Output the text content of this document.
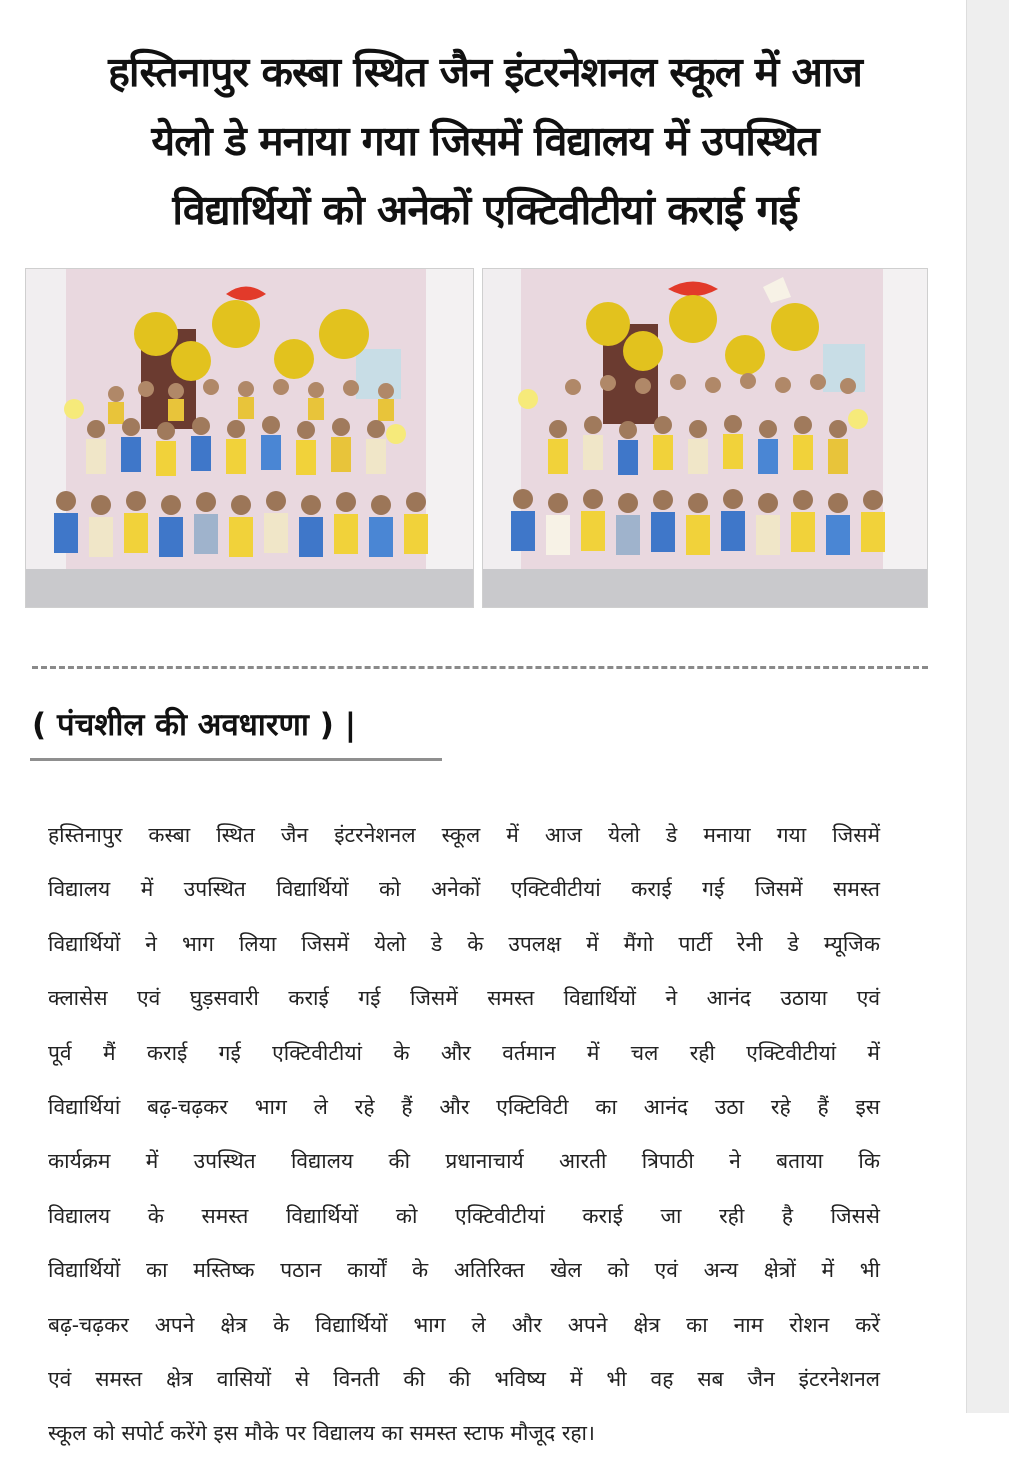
हस्तिनापुर कस्बा स्थित जैन इंटरनेशनल स्कूल में आज
येलो डे मनाया गया जिसमें विद्यालय में उपस्थित
विद्यार्थियों को अनेकों एक्टिवीटीयां कराई गई
( पंचशील की अवधारणा ) |
हस्तिनापुर कस्बा स्थित जैन इंटरनेशनल स्कूल में आज येलो डे मनाया गया जिसमें
विद्यालय में उपस्थित विद्यार्थियों को अनेकों एक्टिवीटीयां कराई गई जिसमें समस्त
विद्यार्थियों ने भाग लिया जिसमें येलो डे के उपलक्ष में मैंगो पार्टी रेनी डे म्यूजिक
क्लासेस एवं घुड़सवारी कराई गई जिसमें समस्त विद्यार्थियों ने आनंद उठाया एवं
पूर्व मैं कराई गई एक्टिवीटीयां के और वर्तमान में चल रही एक्टिवीटीयां में
विद्यार्थियां बढ़-चढ़कर भाग ले रहे हैं और एक्टिविटी का आनंद उठा रहे हैं इस
कार्यक्रम में उपस्थित विद्यालय की प्रधानाचार्य आरती त्रिपाठी ने बताया कि
विद्यालय के समस्त विद्यार्थियों को एक्टिवीटीयां कराई जा रही है जिससे
विद्यार्थियों का मस्तिष्क पठान कार्यों के अतिरिक्त खेल को एवं अन्य क्षेत्रों में भी
बढ़-चढ़कर अपने क्षेत्र के विद्यार्थियों भाग ले और अपने क्षेत्र का नाम रोशन करें
एवं समस्त क्षेत्र वासियों से विनती की की भविष्य में भी वह सब जैन इंटरनेशनल
स्कूल को सपोर्ट करेंगे इस मौके पर विद्यालय का समस्त स्टाफ मौजूद रहा।
